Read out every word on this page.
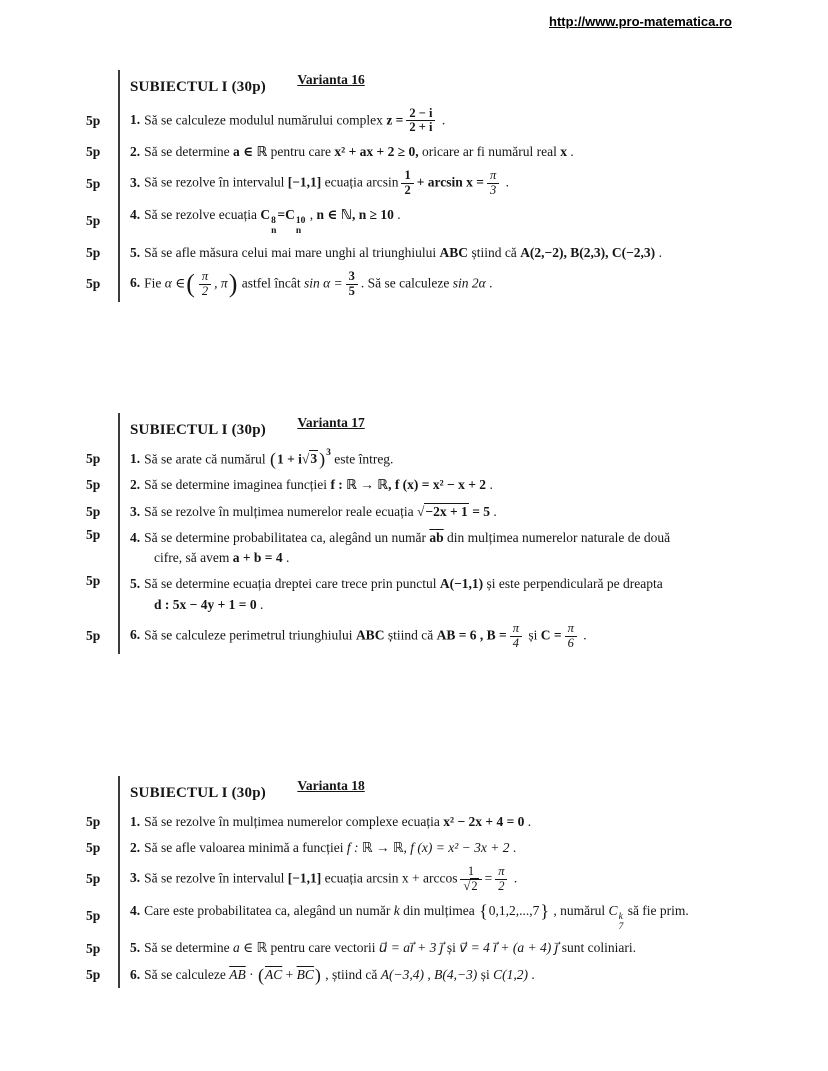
http://www.pro-matematica.ro
SUBIECTUL I (30p) Varianta 16
5p	1. Să se calculeze modulul numărului complex $z = \frac{2 - i}{2 + i}$ .
5p	2. Să se determine a ∈ ℝ pentru care x² + ax + 2 ≥ 0, oricare ar fi numărul real x .
5p	3. Să se rezolve în intervalul [−1,1] ecuația $\arcsin \frac{1}{2} + \arcsin x = \frac{\pi}{3}$ .
5p	4. Să se rezolve ecuația C 8
n
=C 10
n
, n ∈ ℕ, n ≥ 10 .
5p	5. Să se afle măsura celui mai mare unghi al triunghiului ABC știind că A(2,−2), B(2,3), C(−2,3) .
5p	6. Fie α ∈( $\frac{\pi}{2}$ , π) astfel încât $\sin \alpha = \frac{3}{5}$ . Să se calculeze sin 2α .
SUBIECTUL I (30p) Varianta 17
5p	1. Să se arate că numărul (1 + i√3 )$^3$ este întreg.
5p	2. Să se determine imaginea funcției f : ℝ → ℝ, f (x) = x² − x + 2 .
5p	3. Să se rezolve în mulțimea numerelor reale ecuația √−2x + 1 = 5 .
5p	4. Să se determine probabilitatea ca, alegând un număr $\overline{ab}$ din mulțimea numerelor naturale de două
cifre, să avem a + b = 4 .
5p	5. Să se determine ecuația dreptei care trece prin punctul A(−1,1) și este perpendiculară pe dreapta
d : 5x − 4y + 1 = 0 .
5p	6. Să se calculeze perimetrul triunghiului ABC știind că AB = 6 , $B = \frac{\pi}{4}$ și $C = \frac{\pi}{6}$ .
SUBIECTUL I (30p) Varianta 18
5p	1. Să se rezolve în mulțimea numerelor complexe ecuația x² − 2x + 4 = 0 .
5p	2. Să se afle valoarea minimă a funcției f : ℝ → ℝ, f (x) = x² − 3x + 2 .
5p	3. Să se rezolve în intervalul [−1,1] ecuația $\arcsin x + \arccos \frac{1}{√2} = \frac{\pi}{2}$ .
5p	4. Care este probabilitatea ca, alegând un număr k din mulțimea {0,1,2,...,7} , numărul C k
7
să fie prim.
5p	5. Să se determine a ∈ ℝ pentru care vectorii u⃗ = ai⃗ + 3 j⃗ și v⃗ = 4 i⃗ + (a + 4) j⃗ sunt coliniari.
5p	6. Să se calculeze $\overline{AB} \cdot (\overline{AC} + \overline{BC})$ , știind că A(−3,4) , B(4,−3) și C(1,2) .
